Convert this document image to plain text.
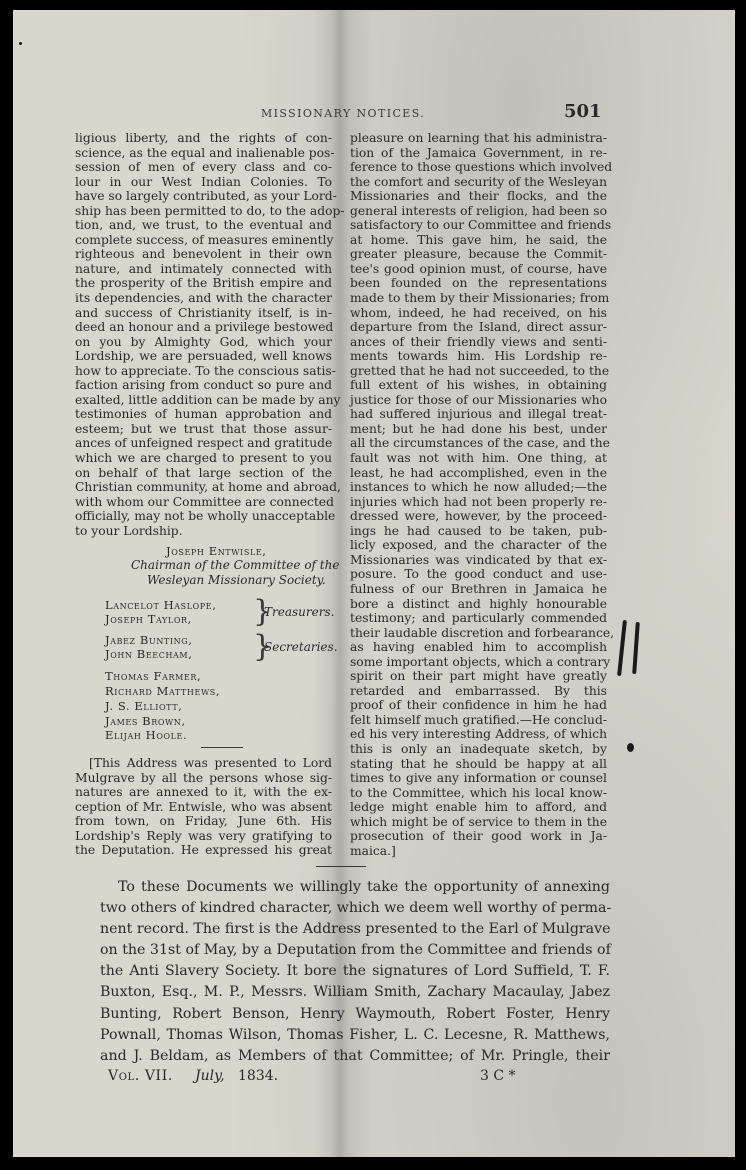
MISSIONARY NOTICES.	501
ligious liberty, and the rights of con-
science, as the equal and inalienable pos-
session of men of every class and co-
lour in our West Indian Colonies. To
have so largely contributed, as your Lord-
ship has been permitted to do, to the adop-
tion, and, we trust, to the eventual and
complete success, of measures eminently
righteous and benevolent in their own
nature, and intimately connected with
the prosperity of the British empire and
its dependencies, and with the character
and success of Christianity itself, is in-
deed an honour and a privilege bestowed
on you by Almighty God, which your
Lordship, we are persuaded, well knows
how to appreciate. To the conscious satis-
faction arising from conduct so pure and
exalted, little addition can be made by any
testimonies of human approbation and
esteem; but we trust that those assur-
ances of unfeigned respect and gratitude
which we are charged to present to you
on behalf of that large section of the
Christian community, at home and abroad,
with whom our Committee are connected
officially, may not be wholly unacceptable
to your Lordship.
Joseph Entwisle,
Chairman of the Committee of the
Wesleyan Missionary Society.
Lancelot Haslope,
Joseph Taylor,	}
Treasurers.
Jabez Bunting,
John Beecham,	}
Secretaries.
Thomas Farmer,
Richard Matthews,
J. S. Elliott,
James Brown,
Elijah Hoole.
[This Address was presented to Lord
Mulgrave by all the persons whose sig-
natures are annexed to it, with the ex-
ception of Mr. Entwisle, who was absent
from town, on Friday, June 6th. His
Lordship's Reply was very gratifying to
the Deputation. He expressed his great
pleasure on learning that his administra-
tion of the Jamaica Government, in re-
ference to those questions which involved
the comfort and security of the Wesleyan
Missionaries and their flocks, and the
general interests of religion, had been so
satisfactory to our Committee and friends
at home. This gave him, he said, the
greater pleasure, because the Commit-
tee's good opinion must, of course, have
been founded on the representations
made to them by their Missionaries; from
whom, indeed, he had received, on his
departure from the Island, direct assur-
ances of their friendly views and senti-
ments towards him. His Lordship re-
gretted that he had not succeeded, to the
full extent of his wishes, in obtaining
justice for those of our Missionaries who
had suffered injurious and illegal treat-
ment; but he had done his best, under
all the circumstances of the case, and the
fault was not with him. One thing, at
least, he had accomplished, even in the
instances to which he now alluded;—the
injuries which had not been properly re-
dressed were, however, by the proceed-
ings he had caused to be taken, pub-
licly exposed, and the character of the
Missionaries was vindicated by that ex-
posure. To the good conduct and use-
fulness of our Brethren in Jamaica he
bore a distinct and highly honourable
testimony; and particularly commended
their laudable discretion and forbearance,
as having enabled him to accomplish
some important objects, which a contrary
spirit on their part might have greatly
retarded and embarrassed. By this
proof of their confidence in him he had
felt himself much gratified.—He conclud-
ed his very interesting Address, of which
this is only an inadequate sketch, by
stating that he should be happy at all
times to give any information or counsel
to the Committee, which his local know-
ledge might enable him to afford, and
which might be of service to them in the
prosecution of their good work in Ja-
maica.]
To these Documents we willingly take the opportunity of annexing
two others of kindred character, which we deem well worthy of perma-
nent record. The first is the Address presented to the Earl of Mulgrave
on the 31st of May, by a Deputation from the Committee and friends of
the Anti Slavery Society. It bore the signatures of Lord Suffield, T. F.
Buxton, Esq., M. P., Messrs. William Smith, Zachary Macaulay, Jabez
Bunting, Robert Benson, Henry Waymouth, Robert Foster, Henry
Pownall, Thomas Wilson, Thomas Fisher, L. C. Lecesne, R. Matthews,
and J. Beldam, as Members of that Committee; of Mr. Pringle, their
Vol. VII. July, 1834.	3 C *
